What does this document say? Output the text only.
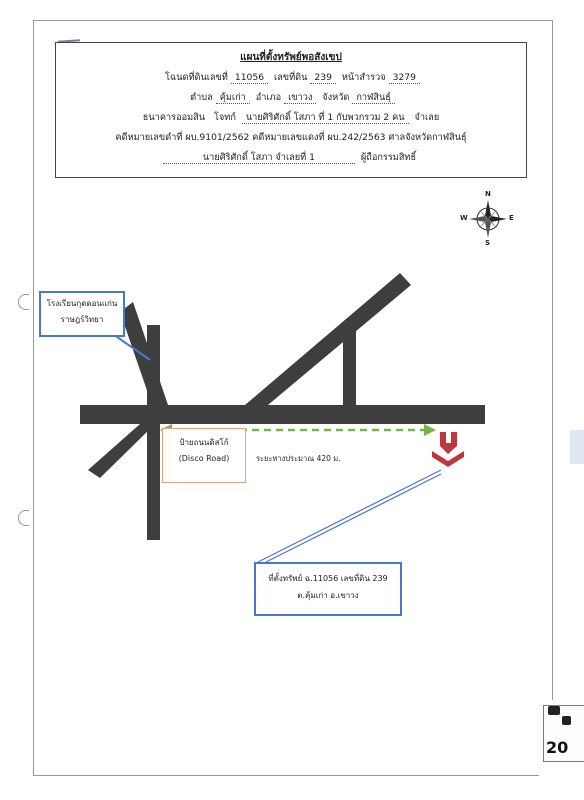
แผนที่ตั้งทรัพย์พอสังเขป
โฉนดที่ดินเลขที่ 11056 เลขที่ดิน 239 หน้าสำรวจ 3279
ตำบล คุ้มเก่า อำเภอ เขาวง จังหวัด กาฬสินธุ์
ธนาคารออมสิน โจทก์ นายศิริศักดิ์ โสภา ที่ 1 กับพวกรวม 2 คน จำเลย
คดีหมายเลขดำที่ ผบ.9101/2562 คดีหมายเลขแดงที่ ผบ.242/2563 ศาลจังหวัดกาฬสินธุ์
นายศิริศักดิ์ โสภา จำเลยที่ 1	ผู้ถือกรรมสิทธิ์
N
S
E
W
โรงเรียนกุดดอนแก่น ราษฎร์วิทยา
ป้ายถนนดิสโก้
(Disco Road)	ระยะทางประมาณ 420 ม.
ที่ตั้งทรัพย์ ฉ.11056 เลขที่ดิน 239
ต.คุ้มเก่า อ.เขาวง
20
